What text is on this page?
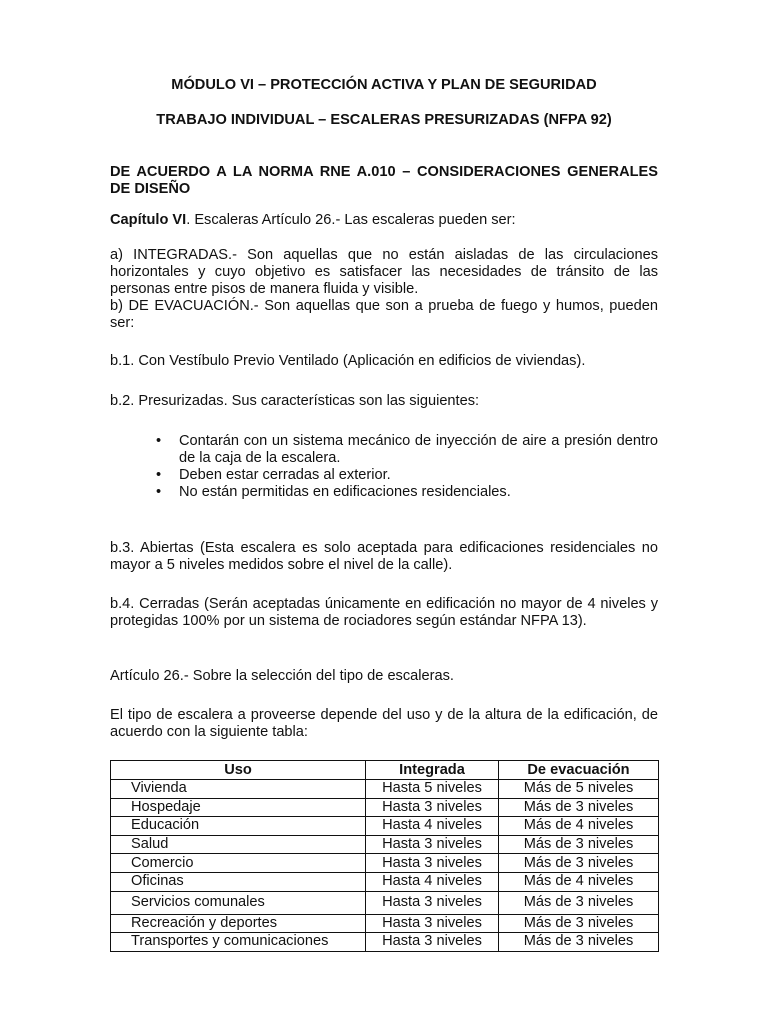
MÓDULO VI – PROTECCIÓN ACTIVA Y PLAN DE SEGURIDAD

TRABAJO INDIVIDUAL – ESCALERAS PRESURIZADAS (NFPA 92)

DE ACUERDO A LA NORMA RNE A.010 – CONSIDERACIONES GENERALES DE DISEÑO

Capítulo VI. Escaleras Artículo 26.- Las escaleras pueden ser:

a) INTEGRADAS.- Son aquellas que no están aisladas de las circulaciones horizontales y cuyo objetivo es satisfacer las necesidades de tránsito de las personas entre pisos de manera fluida y visible.

b) DE EVACUACIÓN.- Son aquellas que son a prueba de fuego y humos, pueden ser:

b.1. Con Vestíbulo Previo Ventilado (Aplicación en edificios de viviendas).

b.2. Presurizadas. Sus características son las siguientes:

• Contarán con un sistema mecánico de inyección de aire a presión dentro de la caja de la escalera.
• Deben estar cerradas al exterior.
• No están permitidas en edificaciones residenciales.

b.3. Abiertas (Esta escalera es solo aceptada para edificaciones residenciales no mayor a 5 niveles medidos sobre el nivel de la calle).

b.4. Cerradas (Serán aceptadas únicamente en edificación no mayor de 4 niveles y protegidas 100% por un sistema de rociadores según estándar NFPA 13).

Artículo 26.- Sobre la selección del tipo de escaleras.

El tipo de escalera a proveerse depende del uso y de la altura de la edificación, de acuerdo con la siguiente tabla:

Uso	Integrada	De evacuación
Vivienda	Hasta 5 niveles	Más de 5 niveles
Hospedaje	Hasta 3 niveles	Más de 3 niveles
Educación	Hasta 4 niveles	Más de 4 niveles
Salud	Hasta 3 niveles	Más de 3 niveles
Comercio	Hasta 3 niveles	Más de 3 niveles
Oficinas	Hasta 4 niveles	Más de 4 niveles
Servicios comunales	Hasta 3 niveles	Más de 3 niveles
Recreación y deportes	Hasta 3 niveles	Más de 3 niveles
Transportes y comunicaciones	Hasta 3 niveles	Más de 3 niveles
